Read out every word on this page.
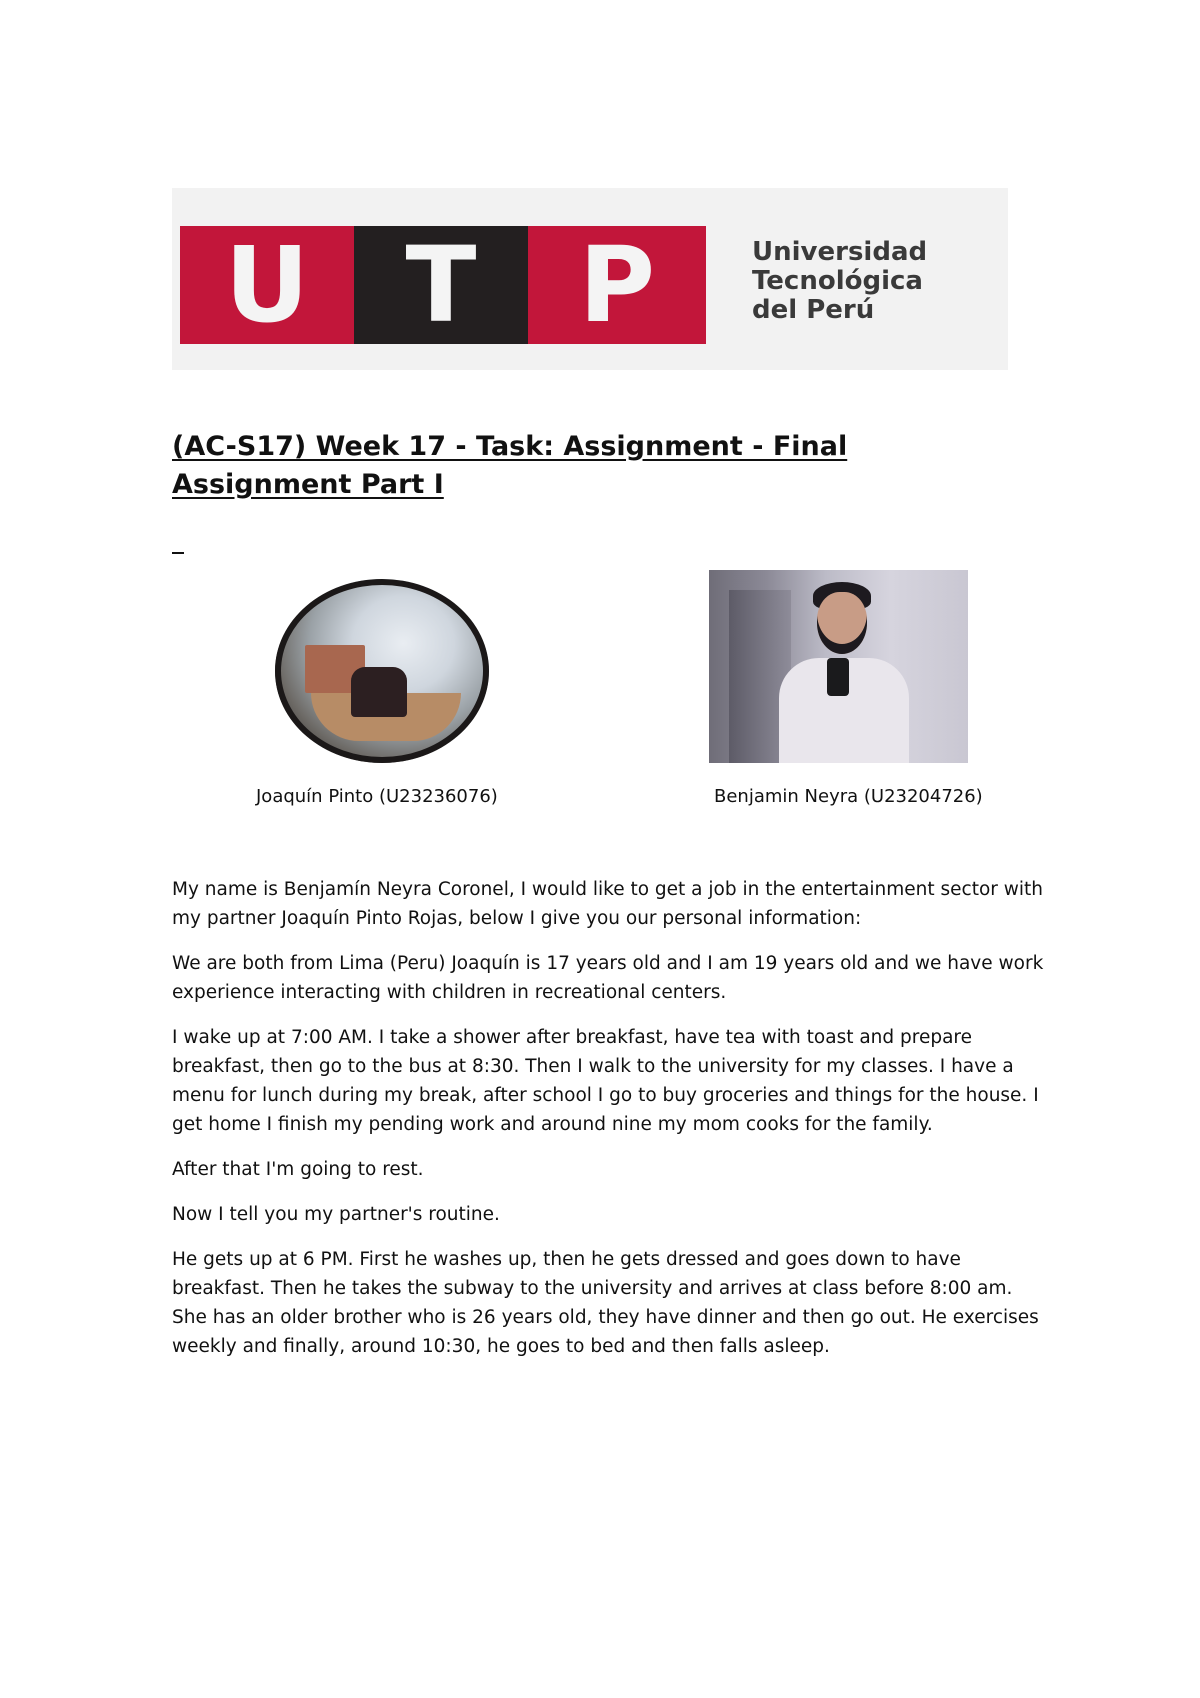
U T P	Universidad
Tecnológica
del Perú
(AC-S17) Week 17 - Task: Assignment - Final Assignment Part I
Joaquín Pinto (U23236076)	Benjamin Neyra (U23204726)

My name is Benjamín Neyra Coronel, I would like to get a job in the entertainment sector with my partner Joaquín Pinto Rojas, below I give you our personal information:

We are both from Lima (Peru) Joaquín is 17 years old and I am 19 years old and we have work experience interacting with children in recreational centers.

I wake up at 7:00 AM. I take a shower after breakfast, have tea with toast and prepare breakfast, then go to the bus at 8:30. Then I walk to the university for my classes. I have a menu for lunch during my break, after school I go to buy groceries and things for the house. I get home I finish my pending work and around nine my mom cooks for the family.

After that I'm going to rest.

Now I tell you my partner's routine.

He gets up at 6 PM. First he washes up, then he gets dressed and goes down to have breakfast. Then he takes the subway to the university and arrives at class before 8:00 am. She has an older brother who is 26 years old, they have dinner and then go out. He exercises weekly and finally, around 10:30, he goes to bed and then falls asleep.
